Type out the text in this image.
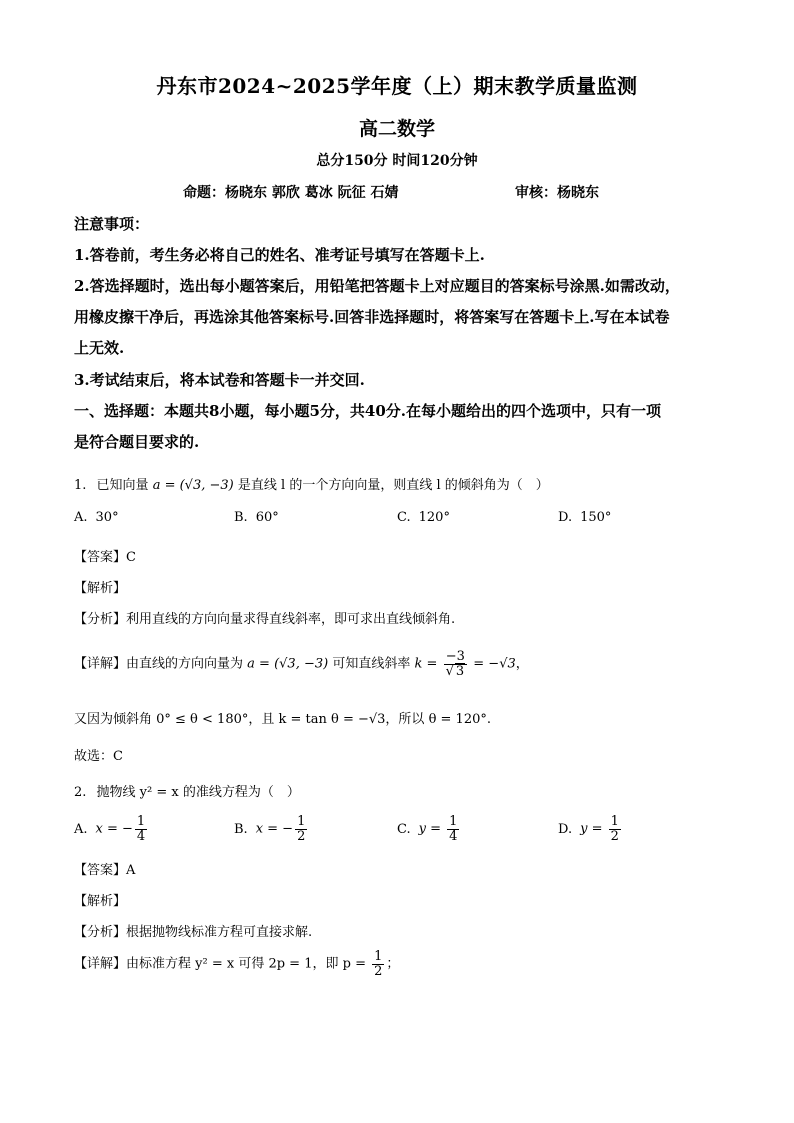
丹东市2024~2025学年度（上）期末教学质量监测
高二数学
总分150分 时间120分钟
命题：杨晓东 郭欣 葛冰 阮征 石婧	审核：杨晓东
注意事项：
1.答卷前，考生务必将自己的姓名、准考证号填写在答题卡上.
2.答选择题时，选出每小题答案后，用铅笔把答题卡上对应题目的答案标号涂黑.如需改动，
用橡皮擦干净后，再选涂其他答案标号.回答非选择题时，将答案写在答题卡上.写在本试卷
上无效.
3.考试结束后，将本试卷和答题卡一并交回.
一、选择题：本题共8小题，每小题5分，共40分.在每小题给出的四个选项中，只有一项
是符合题目要求的.
1. 已知向量 a = (√3, −3) 是直线 l 的一个方向向量，则直线 l 的倾斜角为（　）
A. 30°	B. 60°	C. 120°	D. 150°
【答案】C
【解析】
【分析】利用直线的方向向量求得直线斜率，即可求出直线倾斜角.
【详解】由直线的方向向量为 a = (√3, −3) 可知直线斜率 $k = \frac{-3}{√ 3} = -√3$，
又因为倾斜角 0° ≤ θ < 180°，且 k = tan θ = −√3，所以 θ = 120°.
故选：C
2. 抛物线 y² = x 的准线方程为（　）
A. x = − $\frac{1}{4}$	B. x = − $\frac{1}{2}$	C. $y = \frac{1}{4}$	D. $y = \frac{1}{2}$
【答案】A
【解析】
【分析】根据抛物线标准方程可直接求解.
【详解】由标准方程 y² = x 可得 2p = 1，即 $p = \frac{1}{2}$ ；
